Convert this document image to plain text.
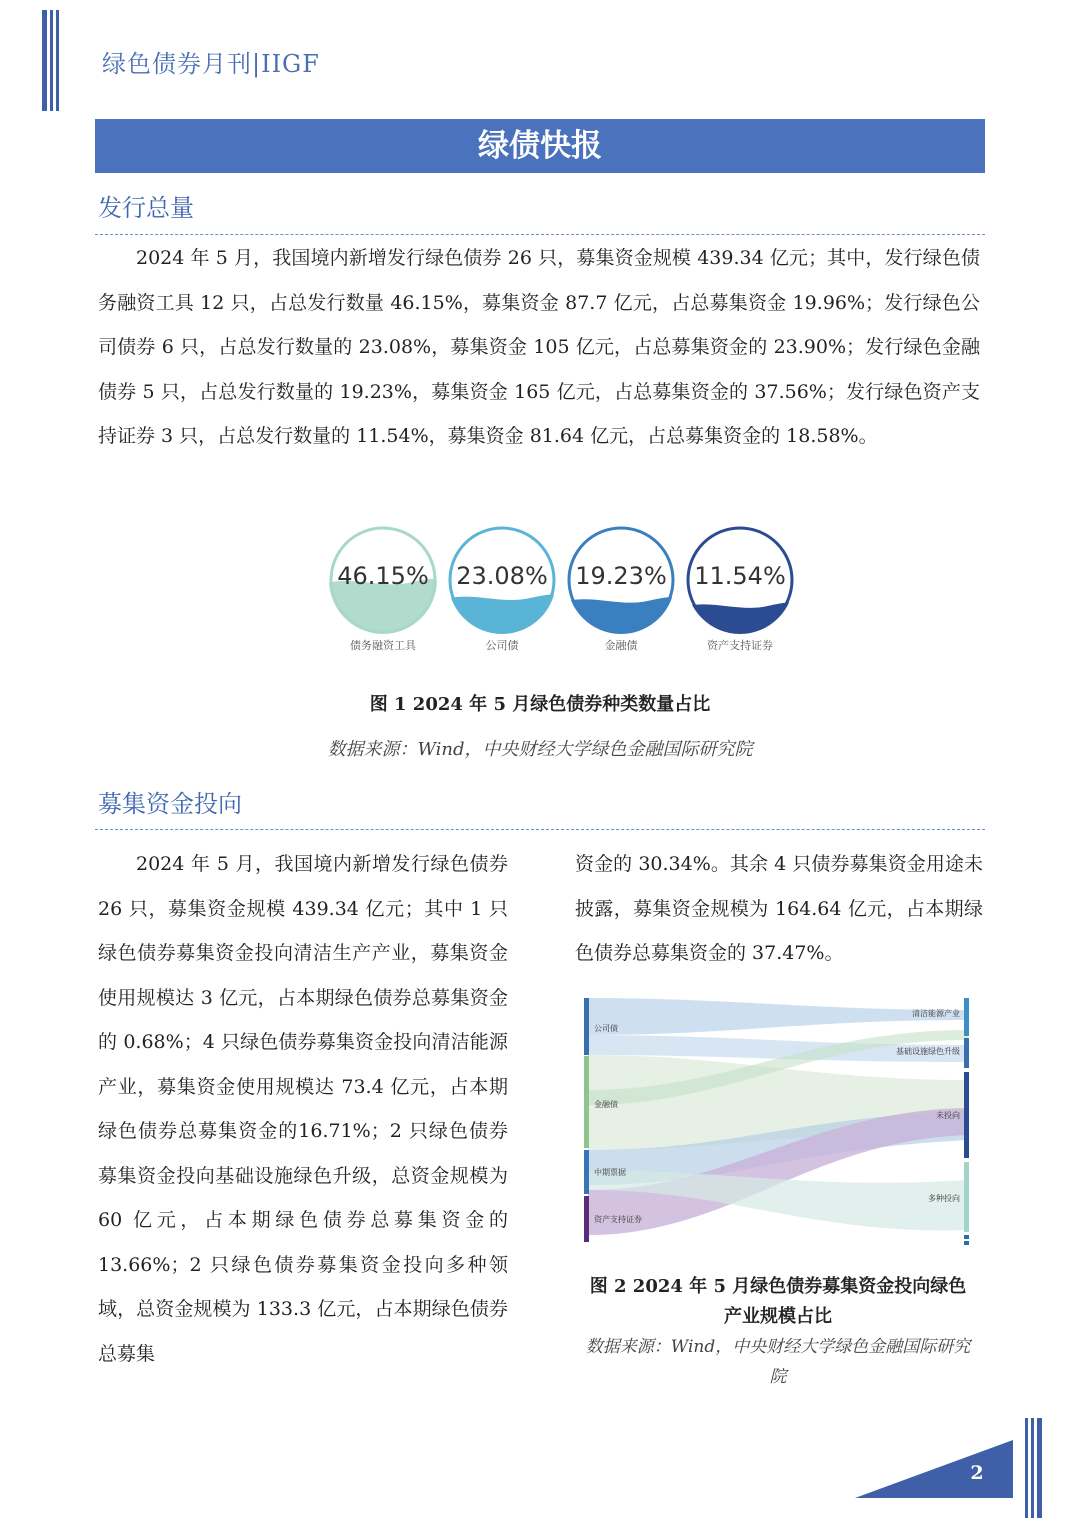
绿色债券月刊|IIGF
绿债快报
发行总量

2024 年 5 月，我国境内新增发行绿色债券 26 只，募集资金规模 439.34 亿元；其中，发行绿色债务融资工具 12 只，占总发行数量 46.15%，募集资金 87.7 亿元，占总募集资金 19.96%；发行绿色公司债券 6 只，占总发行数量的 23.08%，募集资金 105 亿元，占总募集资金的 23.90%；发行绿色金融债券 5 只，占总发行数量的 19.23%，募集资金 165 亿元，占总募集资金的 37.56%；发行绿色资产支持证券 3 只，占总发行数量的 11.54%，募集资金 81.64 亿元，占总募集资金的 18.58%。

46.15%
债务融资工具
23.08%
公司债
19.23%
金融债
11.54%
资产支持证券
图 1 2024 年 5 月绿色债券种类数量占比
数据来源：Wind，中央财经大学绿色金融国际研究院
募集资金投向

2024 年 5 月，我国境内新增发行绿色债券 26 只，募集资金规模 439.34 亿元；其中 1 只绿色债券募集资金投向清洁生产产业，募集资金使用规模达 3 亿元，占本期绿色债券总募集资金的 0.68%；4 只绿色债券募集资金投向清洁能源产业，募集资金使用规模达 73.4 亿元，占本期绿色债券总募集资金的16.71%；2 只绿色债券募集资金投向基础设施绿色升级，总资金规模为 60 亿元，占本期绿色债券总募集资金的13.66%；2 只绿色债券募集资金投向多种领域，总资金规模为 133.3 亿元，占本期绿色债券总募集

资金的 30.34%。其余 4 只债券募集资金用途未披露，募集资金规模为 164.64 亿元，占本期绿色债券总募集资金的 37.47%。

公司债
金融债
中期票据
资产支持证券
清洁能源产业
基础设施绿色升级
未投向
多种投向
图 2 2024 年 5 月绿色债券募集资金投向绿色
产业规模占比
数据来源：Wind，中央财经大学绿色金融国际研究
院
2
